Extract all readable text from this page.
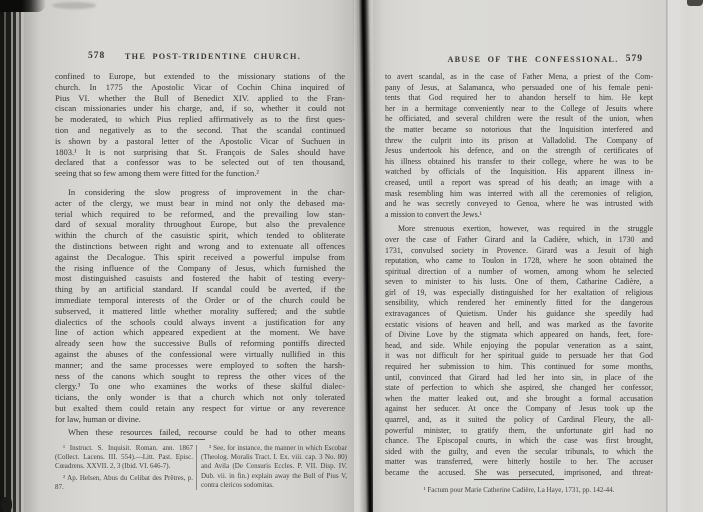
578	THE POST-TRIDENTINE CHURCH.
confined to Europe, but extended to the missionary stations of the
church. In 1775 the Apostolic Vicar of Cochin China inquired of
Pius VI. whether the Bull of Benedict XIV. applied to the Fran-
ciscan missionaries under his charge, and, if so, whether it could not
be moderated, to which Pius replied affirmatively as to the first ques-
tion and negatively as to the second. That the scandal continued
is shown by a pastoral letter of the Apostolic Vicar of Suchuen in
1803.¹ It is not surprising that St. François de Sales should have
declared that a confessor was to be selected out of ten thousand,
seeing that so few among them were fitted for the function.²
In considering the slow progress of improvement in the char-
acter of the clergy, we must bear in mind not only the debased ma-
terial which required to be reformed, and the prevailing low stan-
dard of sexual morality throughout Europe, but also the prevalence
within the church of the casuistic spirit, which tended to obliterate
the distinctions between right and wrong and to extenuate all offences
against the Decalogue. This spirit received a powerful impulse from
the rising influence of the Company of Jesus, which furnished the
most distinguished casuists and fostered the habit of testing every-
thing by an artificial standard. If scandal could be averted, if the
immediate temporal interests of the Order or of the church could be
subserved, it mattered little whether morality suffered; and the subtle
dialectics of the schools could always invent a justification for any
line of action which appeared expedient at the moment. We have
already seen how the successive Bulls of reforming pontiffs directed
against the abuses of the confessional were virtually nullified in this
manner; and the same processes were employed to soften the harsh-
ness of the canons which sought to repress the other vices of the
clergy.³ To one who examines the works of these skilful dialec-
ticians, the only wonder is that a church which not only tolerated
but exalted them could retain any respect for virtue or any reverence
for law, human or divine.
When these resources failed, recourse could be had to other means
¹ Instruct. S. Inquisit. Roman. ann. 1867 (Collect. Lacens. III. 554).—Litt. Past. Episc. Cœadrens. XXVII. 2, 3 (Ibid. VI. 646-7).
² Ap. Helsen, Abus du Celibat des Prêtres, p. 87.
³ See, for instance, the manner in which Escobar (Theolog. Moralis Tract. I. Ex. viii. cap. 3 No. 80) and Avila (De Censuris Eccles. P. VII. Disp. IV. Dub. vii. in fin.) explain away the Bull of Pius V, contra clericos sodomitas.
ABUSE OF THE CONFESSIONAL. 579
to avert scandal, as in the case of Father Mena, a priest of the Com-
pany of Jesus, at Salamanca, who persuaded one of his female peni-
tents that God required her to abandon herself to him. He kept
her in a hermitage conveniently near to the College of Jesuits where
he officiated, and several children were the result of the union, when
the matter became so notorious that the Inquisition interfered and
threw the culprit into its prison at Valladolid. The Company of
Jesus undertook his defence, and on the strength of certificates of
his illness obtained his transfer to their college, where he was to be
watched by officials of the Inquisition. His apparent illness in-
creased, until a report was spread of his death; an image with a
mask resembling him was interred with all the ceremonies of religion,
and he was secretly conveyed to Genoa, where he was intrusted with
a mission to convert the Jews.¹
More strenuous exertion, however, was required in the struggle
over the case of Father Girard and la Cadière, which, in 1730 and
1731, convulsed society in Provence. Girard was a Jesuit of high
reputation, who came to Toulon in 1728, where he soon obtained the
spiritual direction of a number of women, among whom he selected
seven to minister to his lusts. One of them, Catharine Cadière, a
girl of 19, was especially distinguished for her exaltation of religious
sensibility, which rendered her eminently fitted for the dangerous
extravagances of Quietism. Under his guidance she speedily had
ecstatic visions of heaven and hell, and was marked as the favorite
of Divine Love by the stigmata which appeared on hands, feet, fore-
head, and side. While enjoying the popular veneration as a saint,
it was not difficult for her spiritual guide to persuade her that God
required her submission to him. This continued for some months,
until, convinced that Girard had led her into sin, in place of the
state of perfection to which she aspired, she changed her confessor,
when the matter leaked out, and she brought a formal accusation
against her seducer. At once the Company of Jesus took up the
quarrel, and, as it suited the policy of Cardinal Fleury, the all-
powerful minister, to gratify them, the unfortunate girl had no
chance. The Episcopal courts, in which the case was first brought,
sided with the guilty, and even the secular tribunals, to which the
matter was transferred, were bitterly hostile to her. The accuser
became the accused. She was persecuted, imprisoned, and threat-
¹ Factum pour Marie Catherine Cadière, La Haye, 1731, pp. 142-44.
